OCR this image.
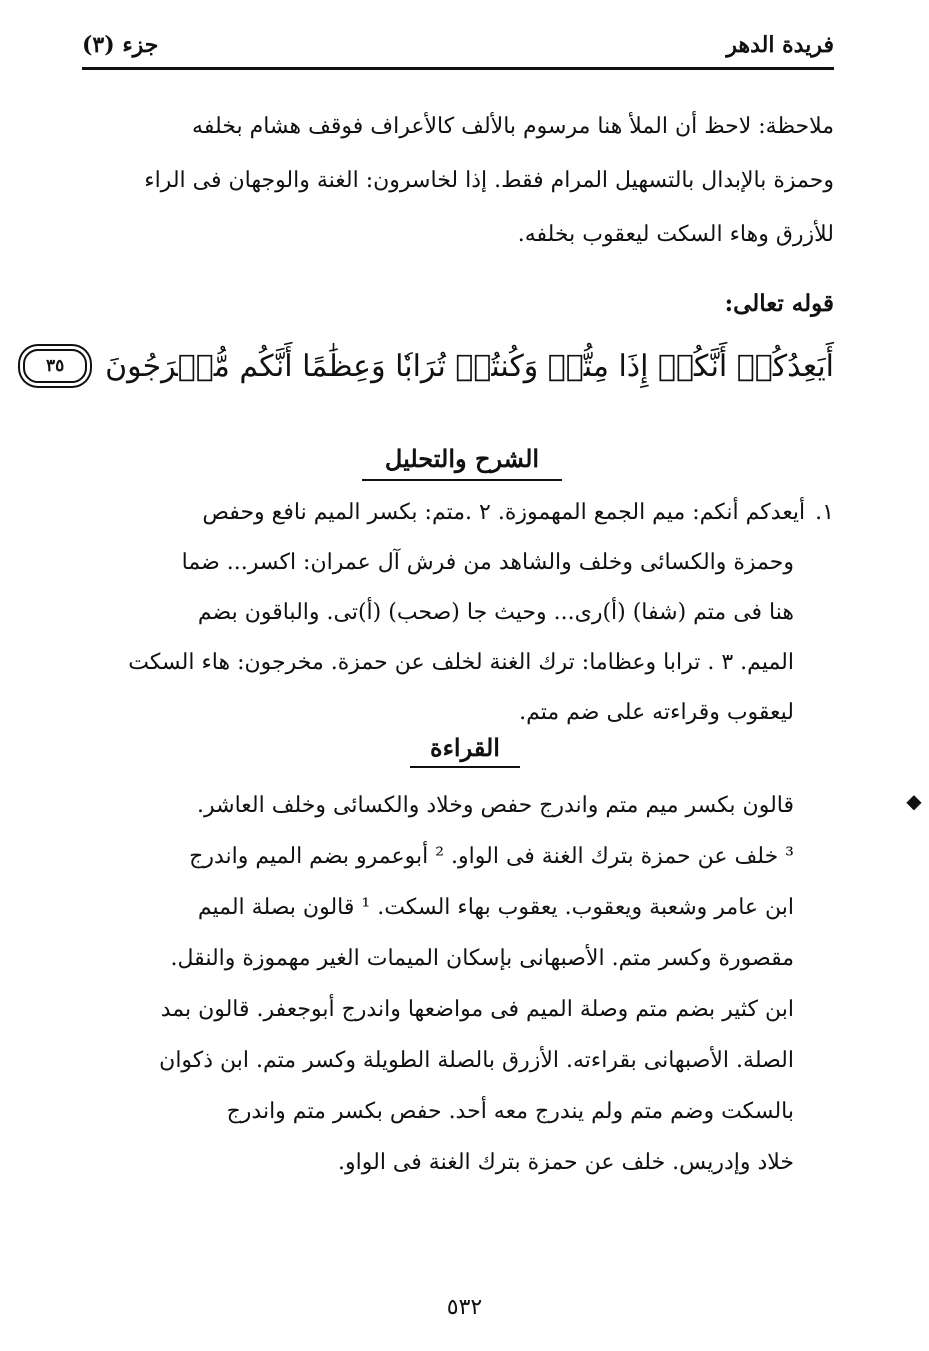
فريدة الدهر
جزء (٣)
ملاحظة: لاحظ أن الملأ هنا مرسوم بالألف كالأعراف فوقف هشام بخلفه
وحمزة بالإبدال بالتسهيل المرام فقط. إذا لخاسرون: الغنة والوجهان فى الراء
للأزرق وهاء السكت ليعقوب بخلفه.
قوله تعالى:
أَيَعِدُكُمۡ أَنَّكُمۡ إِذَا مِتُّمۡ وَكُنتُمۡ تُرَابٗا وَعِظَٰمًا أَنَّكُم مُّخۡرَجُونَ
٣٥
الشرح والتحليل
١.أيعدكم أنكم: ميم الجمع المهموزة. ٢ .متم: بكسر الميم نافع وحفص
وحمزة والكسائى وخلف والشاهد من فرش آل عمران: اكسر... ضما
هنا فى متم (شفا) (أ)رى... وحيث جا (صحب) (أ)تى. والباقون بضم
الميم. ٣ . ترابا وعظاما: ترك الغنة لخلف عن حمزة. مخرجون: هاء السكت
ليعقوب وقراءته على ضم متم.
القراءة
◆
قالون بكسر ميم متم واندرج حفص وخلاد والكسائى وخلف العاشر.
³ خلف عن حمزة بترك الغنة فى الواو. ² أبوعمرو بضم الميم واندرج
ابن عامر وشعبة ويعقوب. يعقوب بهاء السكت. ¹ قالون بصلة الميم
مقصورة وكسر متم. الأصبهانى بإسكان الميمات الغير مهموزة والنقل.
ابن كثير بضم متم وصلة الميم فى مواضعها واندرج أبوجعفر. قالون بمد
الصلة. الأصبهانى بقراءته. الأزرق بالصلة الطويلة وكسر متم. ابن ذكوان
بالسكت وضم متم ولم يندرج معه أحد. حفص بكسر متم واندرج
خلاد وإدريس. خلف عن حمزة بترك الغنة فى الواو.
٥٣٢
